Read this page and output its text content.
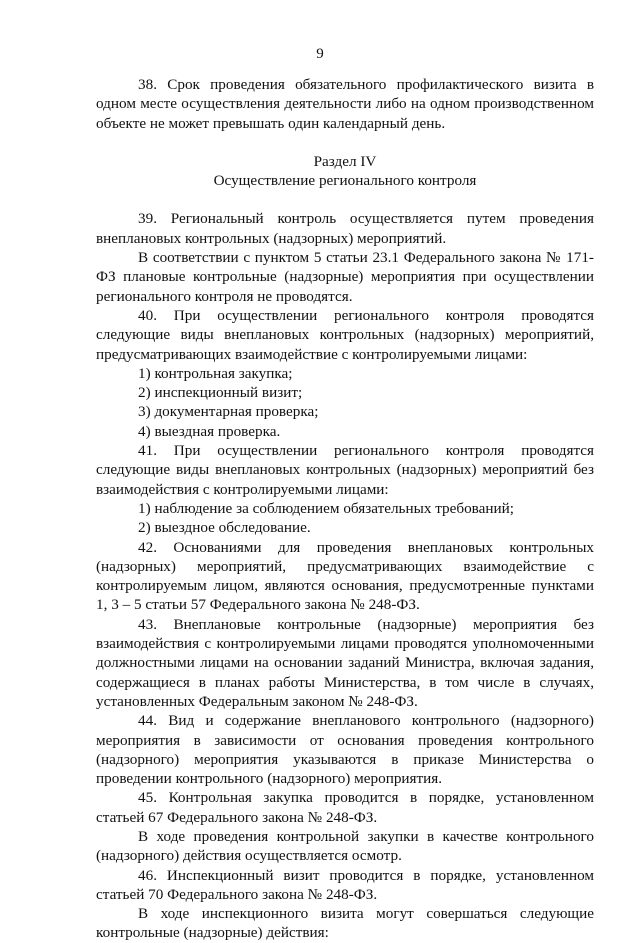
9

38. Срок проведения обязательного профилактического визита в одном месте осуществления деятельности либо на одном производственном объекте не может превышать один календарный день.

Раздел IV

Осуществление регионального контроля

39. Региональный контроль осуществляется путем проведения внеплановых контрольных (надзорных) мероприятий.

В соответствии с пунктом 5 статьи 23.1 Федерального закона № 171-ФЗ плановые контрольные (надзорные) мероприятия при осуществлении регионального контроля не проводятся.

40. При осуществлении регионального контроля проводятся следующие виды внеплановых контрольных (надзорных) мероприятий, предусматривающих взаимодействие с контролируемыми лицами:

1) контрольная закупка;

2) инспекционный визит;

3) документарная проверка;

4) выездная проверка.

41. При осуществлении регионального контроля проводятся следующие виды внеплановых контрольных (надзорных) мероприятий без взаимодействия с контролируемыми лицами:

1) наблюдение за соблюдением обязательных требований;

2) выездное обследование.

42. Основаниями для проведения внеплановых контрольных (надзорных) мероприятий, предусматривающих взаимодействие с контролируемым лицом, являются основания, предусмотренные пунктами 1, 3 – 5 статьи 57 Федерального закона № 248-ФЗ.

43. Внеплановые контрольные (надзорные) мероприятия без взаимодействия с контролируемыми лицами проводятся уполномоченными должностными лицами на основании заданий Министра, включая задания, содержащиеся в планах работы Министерства, в том числе в случаях, установленных Федеральным законом № 248-ФЗ.

44. Вид и содержание внепланового контрольного (надзорного) мероприятия в зависимости от основания проведения контрольного (надзорного) мероприятия указываются в приказе Министерства о проведении контрольного (надзорного) мероприятия.

45. Контрольная закупка проводится в порядке, установленном статьей 67 Федерального закона № 248-ФЗ.

В ходе проведения контрольной закупки в качестве контрольного (надзорного) действия осуществляется осмотр.

46. Инспекционный визит проводится в порядке, установленном статьей 70 Федерального закона № 248-ФЗ.

В ходе инспекционного визита могут совершаться следующие контрольные (надзорные) действия:
